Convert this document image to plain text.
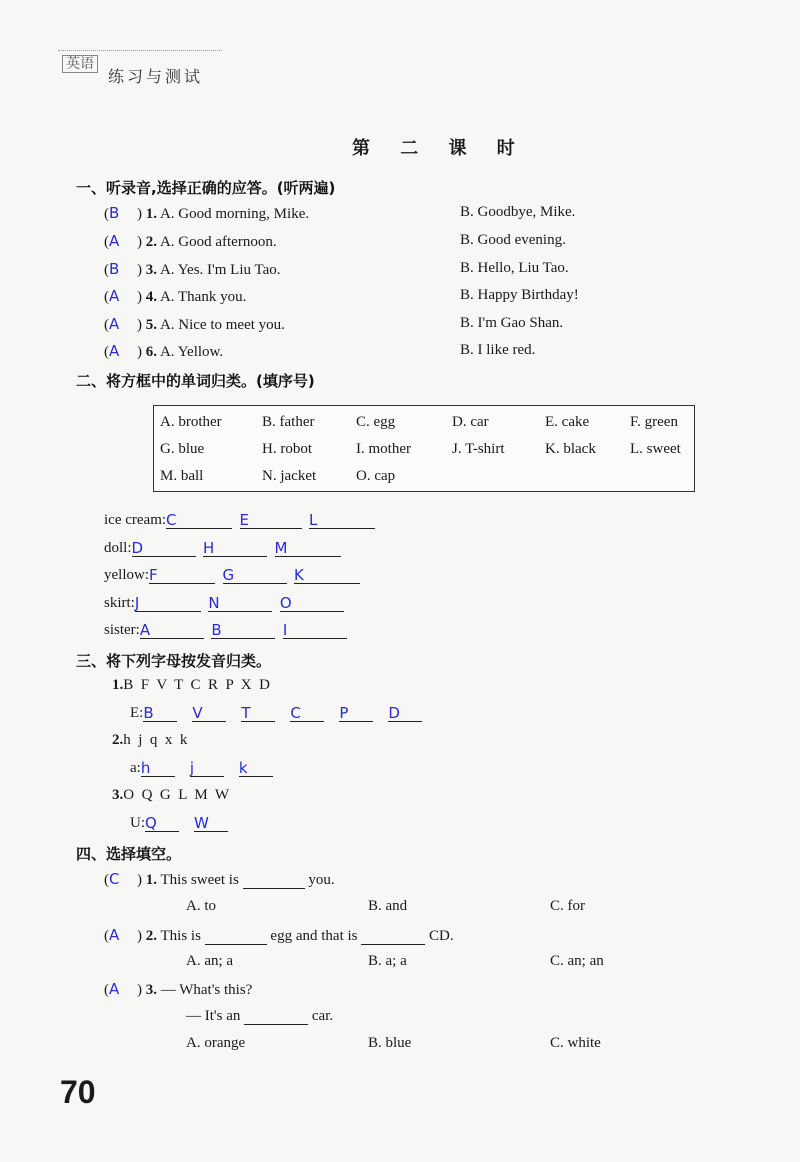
英语
练习与测试
第 二 课 时
一、听录音,选择正确的应答。(听两遍)
(B ) 1. A. Good morning, Mike.	B. Goodbye, Mike.
(A ) 2. A. Good afternoon.	B. Good evening.
(B ) 3. A. Yes. I'm Liu Tao.	B. Hello, Liu Tao.
(A ) 4. A. Thank you.	B. Happy Birthday!
(A ) 5. A. Nice to meet you.	B. I'm Gao Shan.
(A ) 6. A. Yellow.	B. I like red.
二、将方框中的单词归类。(填序号)
A. brother	B. father	C. egg	D. car	E. cake	F. green
G. blue	H. robot	I. mother	J. T-shirt	K. black L. sweet
M. ball	N. jacket	O. cap
ice cream:C	E	L
doll:D	H	M
yellow:F	G	K
skirt:J	N	O
sister:A	B	I
三、将下列字母按发音归类。
1.B  F  V  T  C  R  P  X  D
E:B	V	T	C	P	D
2.h  j  q  x  k
a:h	j	k
3.O  Q  G  L  M  W
U:Q W
四、选择填空。
(C ) 1. This sweet is	you.
A. to	B. and	C. for
(A ) 2. This is	egg and that is	CD.
A. an; a	B. a; a	C. an; an
(A ) 3. — What's this?
— It's an	car.
A. orange	B. blue	C. white
70
